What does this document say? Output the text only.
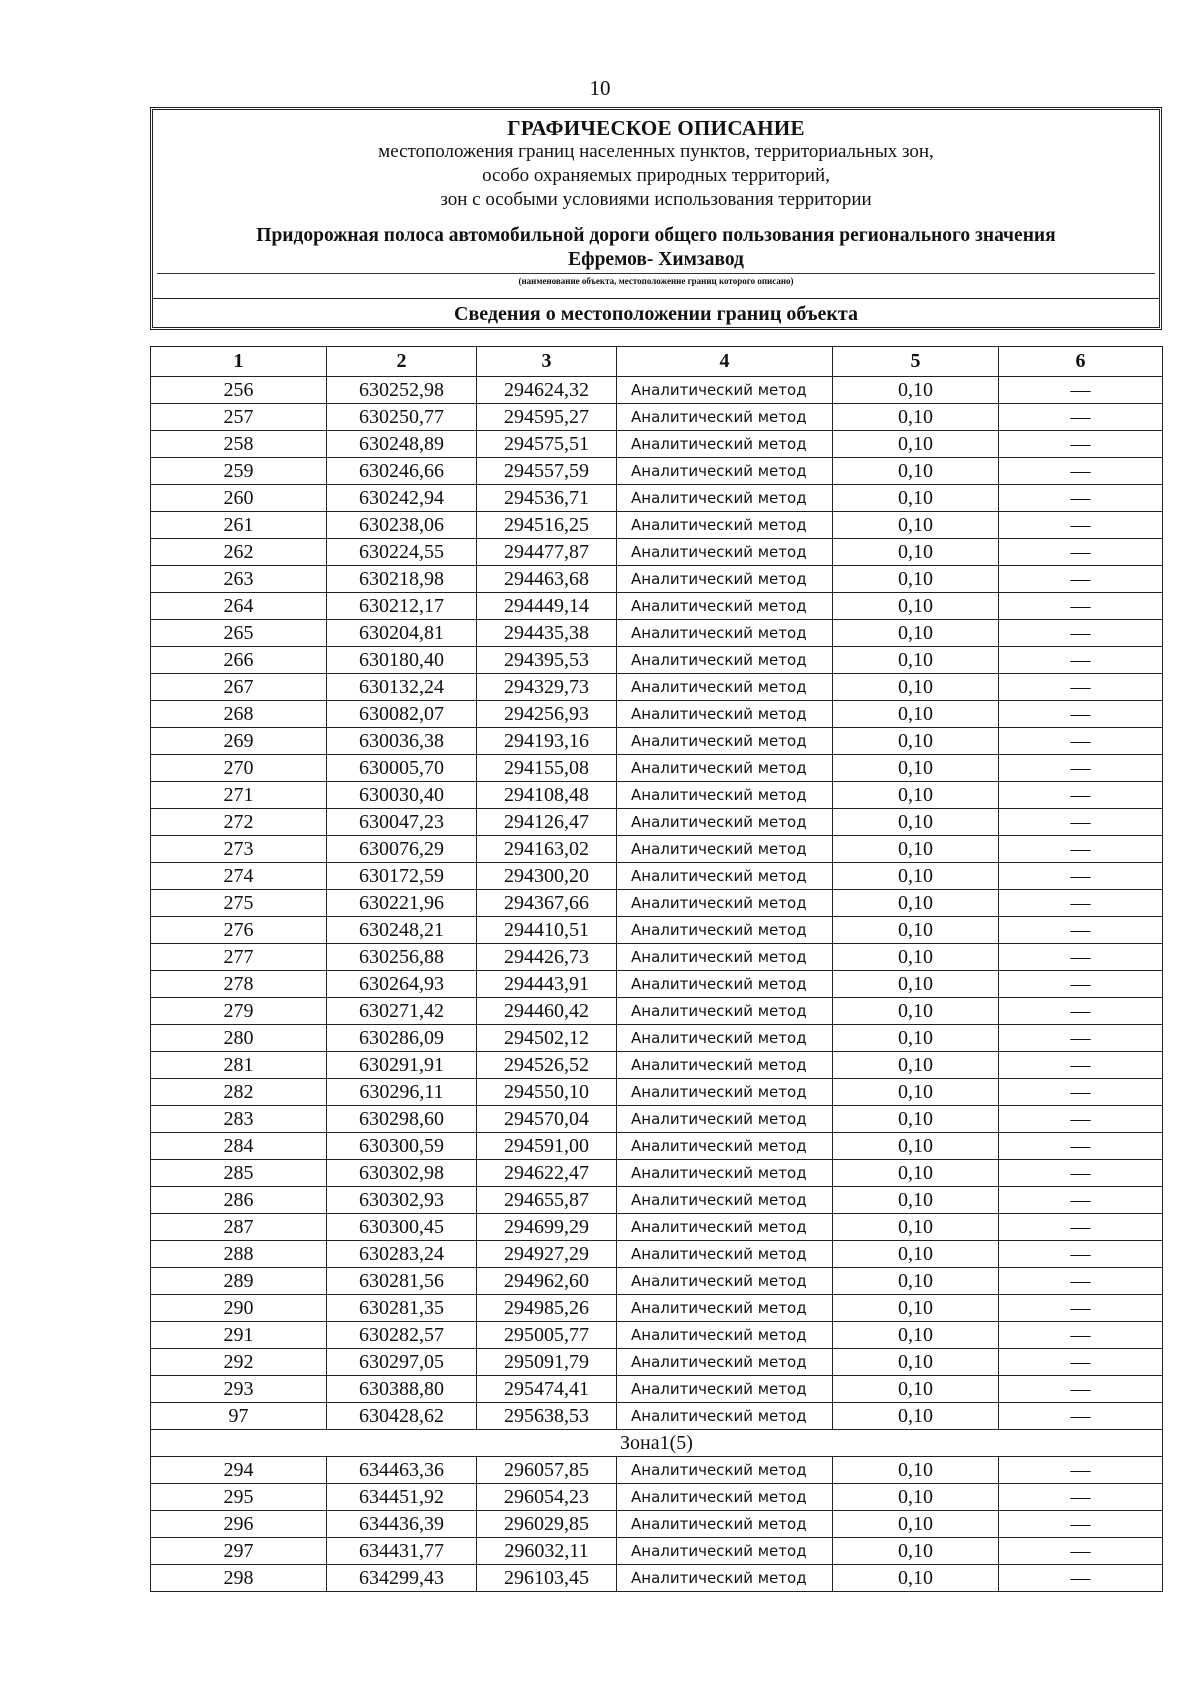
10
ГРАФИЧЕСКОЕ ОПИСАНИЕ
местоположения границ населенных пунктов, территориальных зон,
особо охраняемых природных территорий,
зон с особыми условиями использования территории
Придорожная полоса автомобильной дороги общего пользования регионального значения
Ефремов- Химзавод
(наименование объекта, местоположение границ которого описано)
Сведения о местоположении границ объекта
1	2	3	4	5	6
256	630252,98	294624,32	Аналитический метод	0,10	—
257	630250,77	294595,27	Аналитический метод	0,10	—
258	630248,89	294575,51	Аналитический метод	0,10	—
259	630246,66	294557,59	Аналитический метод	0,10	—
260	630242,94	294536,71	Аналитический метод	0,10	—
261	630238,06	294516,25	Аналитический метод	0,10	—
262	630224,55	294477,87	Аналитический метод	0,10	—
263	630218,98	294463,68	Аналитический метод	0,10	—
264	630212,17	294449,14	Аналитический метод	0,10	—
265	630204,81	294435,38	Аналитический метод	0,10	—
266	630180,40	294395,53	Аналитический метод	0,10	—
267	630132,24	294329,73	Аналитический метод	0,10	—
268	630082,07	294256,93	Аналитический метод	0,10	—
269	630036,38	294193,16	Аналитический метод	0,10	—
270	630005,70	294155,08	Аналитический метод	0,10	—
271	630030,40	294108,48	Аналитический метод	0,10	—
272	630047,23	294126,47	Аналитический метод	0,10	—
273	630076,29	294163,02	Аналитический метод	0,10	—
274	630172,59	294300,20	Аналитический метод	0,10	—
275	630221,96	294367,66	Аналитический метод	0,10	—
276	630248,21	294410,51	Аналитический метод	0,10	—
277	630256,88	294426,73	Аналитический метод	0,10	—
278	630264,93	294443,91	Аналитический метод	0,10	—
279	630271,42	294460,42	Аналитический метод	0,10	—
280	630286,09	294502,12	Аналитический метод	0,10	—
281	630291,91	294526,52	Аналитический метод	0,10	—
282	630296,11	294550,10	Аналитический метод	0,10	—
283	630298,60	294570,04	Аналитический метод	0,10	—
284	630300,59	294591,00	Аналитический метод	0,10	—
285	630302,98	294622,47	Аналитический метод	0,10	—
286	630302,93	294655,87	Аналитический метод	0,10	—
287	630300,45	294699,29	Аналитический метод	0,10	—
288	630283,24	294927,29	Аналитический метод	0,10	—
289	630281,56	294962,60	Аналитический метод	0,10	—
290	630281,35	294985,26	Аналитический метод	0,10	—
291	630282,57	295005,77	Аналитический метод	0,10	—
292	630297,05	295091,79	Аналитический метод	0,10	—
293	630388,80	295474,41	Аналитический метод	0,10	—
97	630428,62	295638,53	Аналитический метод	0,10	—
Зона1(5)					
294	634463,36	296057,85	Аналитический метод	0,10	—
295	634451,92	296054,23	Аналитический метод	0,10	—
296	634436,39	296029,85	Аналитический метод	0,10	—
297	634431,77	296032,11	Аналитический метод	0,10	—
298	634299,43	296103,45	Аналитический метод	0,10	—
